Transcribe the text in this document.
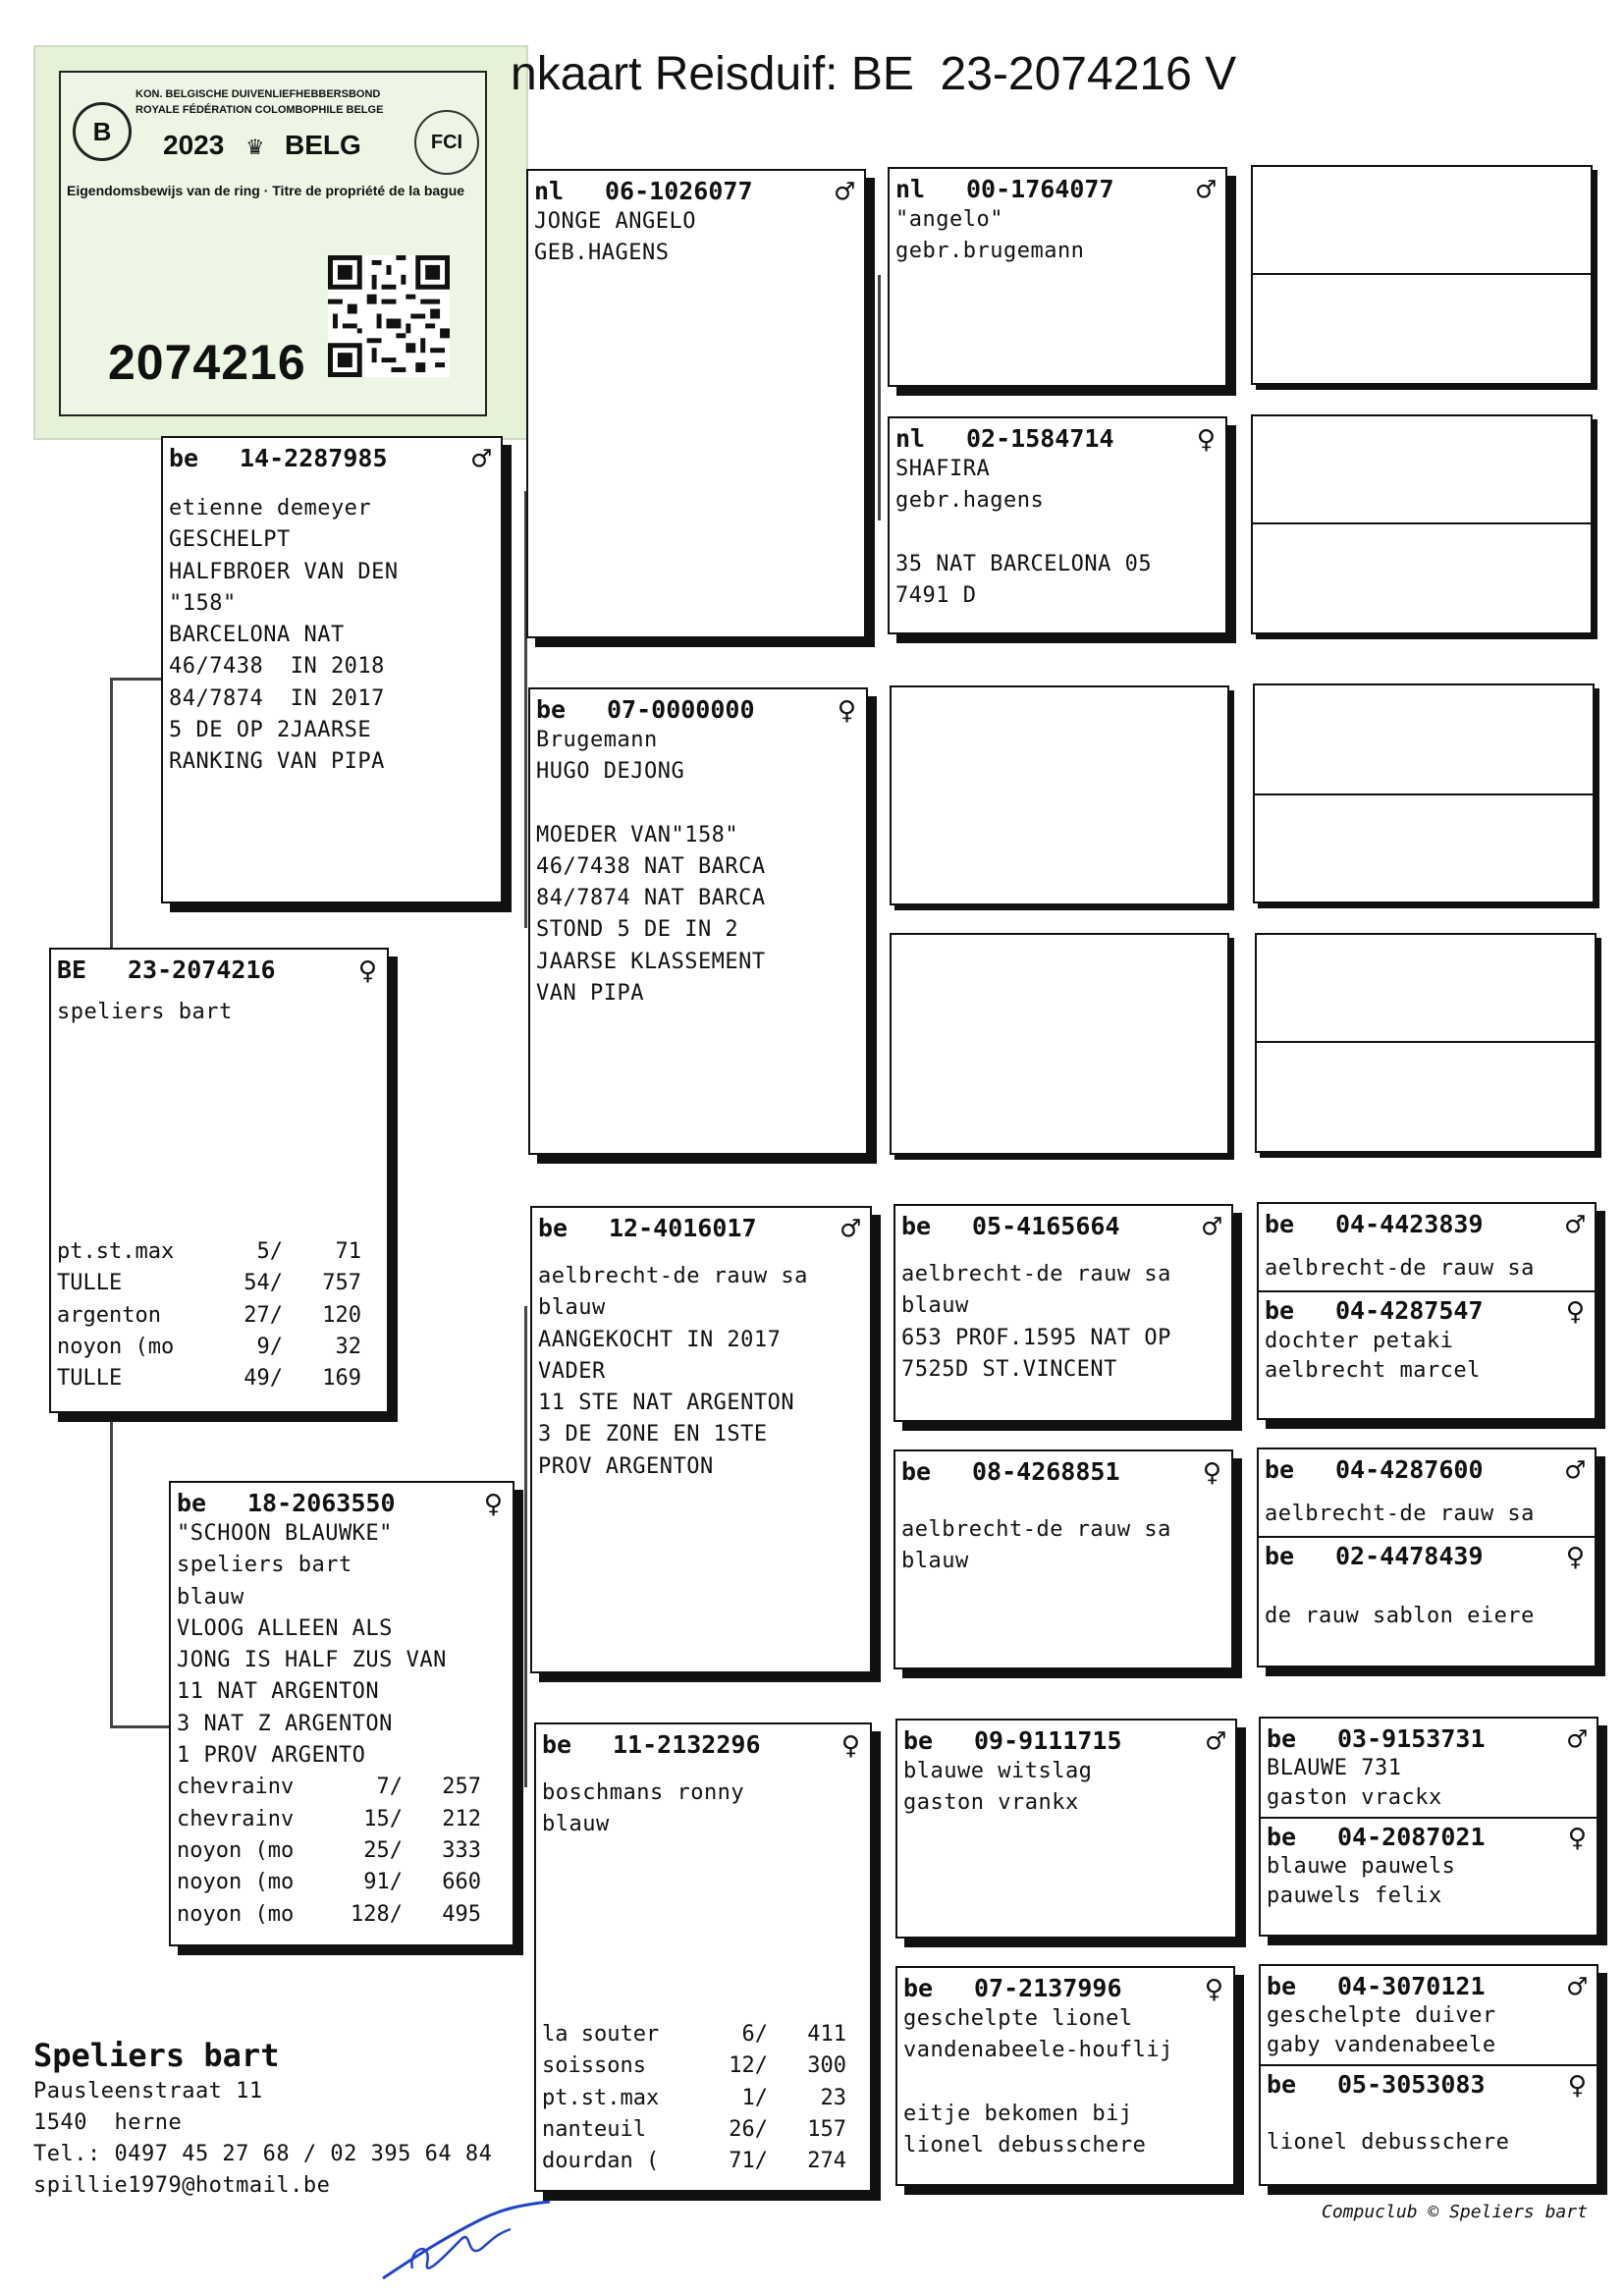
B
KON. BELGISCHE DUIVENLIEFHEBBERSBOND
ROYALE FÉDÉRATION COLOMBOPHILE BELGE
2023 ♛ BELG	FCI
Eigendomsbewijs van de ring · Titre de propriété de la bague
2074216
nkaart Reisduif: BE  23-2074216 V
BE	23-2074216	♀
speliers bart
pt.st.max	5/	71
TULLE	54/	757
argenton	27/	120
noyon (mo	9/	32
TULLE	49/	169
be	14-2287985	♂
etienne demeyer
GESCHELPT
HALFBROER VAN DEN
"158"
BARCELONA NAT
46/7438  IN 2018
84/7874  IN 2017
5 DE OP 2JAARSE
RANKING VAN PIPA
be	18-2063550	♀
"SCHOON BLAUWKE"
speliers bart
blauw
VLOOG ALLEEN ALS
JONG IS HALF ZUS VAN
11 NAT ARGENTON
3 NAT Z ARGENTON
1 PROV ARGENTO
chevrainv	7/	257
chevrainv	15/	212
noyon (mo	25/	333
noyon (mo	91/	660
noyon (mo	128/	495
nl	06-1026077	♂
JONGE ANGELO
GEB.HAGENS
be	07-0000000	♀
Brugemann
HUGO DEJONG
MOEDER VAN"158"
46/7438 NAT BARCA
84/7874 NAT BARCA
STOND 5 DE IN 2
JAARSE KLASSEMENT
VAN PIPA
be	12-4016017	♂
aelbrecht-de rauw sa
blauw
AANGEKOCHT IN 2017
VADER
11 STE NAT ARGENTON
3 DE ZONE EN 1STE
PROV ARGENTON
be	11-2132296	♀
boschmans ronny
blauw
la souter	6/	411
soissons	12/	300
pt.st.max	1/	23
nanteuil	26/	157
dourdan (	71/	274
nl	00-1764077	♂
"angelo"
gebr.brugemann
nl	02-1584714	♀
SHAFIRA
gebr.hagens
35 NAT BARCELONA 05
7491 D
be	05-4165664	♂
aelbrecht-de rauw sa
blauw
653 PROF.1595 NAT OP
7525D ST.VINCENT
be	08-4268851	♀
aelbrecht-de rauw sa
blauw
be	09-9111715	♂
blauwe witslag
gaston vrankx
be	07-2137996	♀
geschelpte lionel
vandenabeele-houflij
eitje bekomen bij
lionel debusschere
be	04-4423839	♂
aelbrecht-de rauw sa
be	04-4287547	♀
dochter petaki
aelbrecht marcel
be	04-4287600	♂
aelbrecht-de rauw sa
be	02-4478439	♀
de rauw sablon eiere
be	03-9153731	♂
BLAUWE 731
gaston vrackx
be	04-2087021	♀
blauwe pauwels
pauwels felix
be	04-3070121	♂
geschelpte duiver
gaby vandenabeele
be	05-3053083	♀
lionel debusschere
Speliers bart
Pausleenstraat 11
1540  herne
Tel.: 0497 45 27 68 / 02 395 64 84
spillie1979@hotmail.be
Compuclub © Speliers bart
